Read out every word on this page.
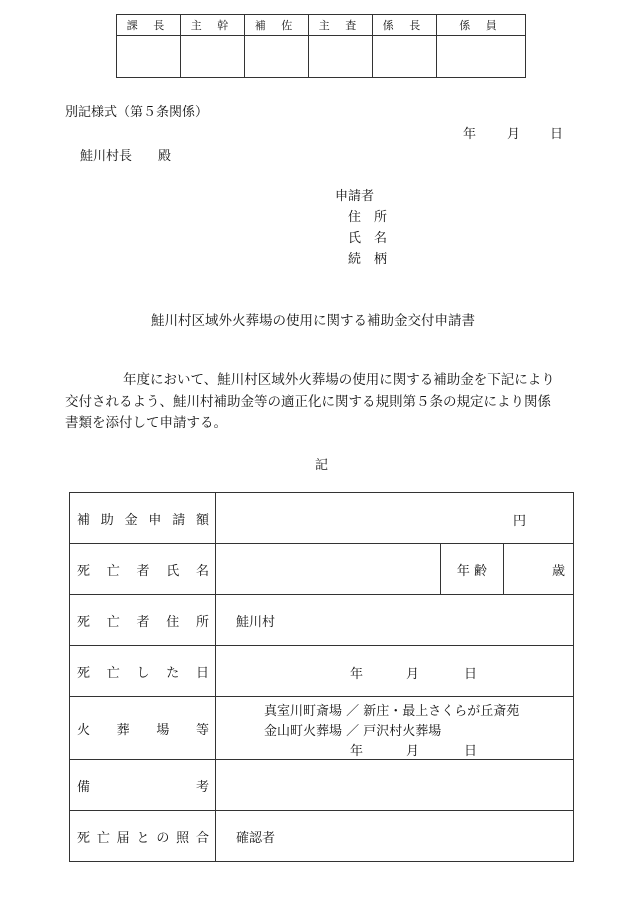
課 長	主 幹	補 佐	主 査	係 長	係 員

別記様式（第５条関係）
年 月 日
鮭川村長　　殿
申請者
住　所
氏　名
続　柄
鮭川村区域外火葬場の使用に関する補助金交付申請書
年度において、鮭川村区域外火葬場の使用に関する補助金を下記により
交付されるよう、鮭川村補助金等の適正化に関する規則第５条の規定により関係
書類を添付して申請する。
記
補助金申請額	円		

死亡者氏名		年 齢	歳
死亡者住所	鮭川村		
死亡した日	年 月 日		

火葬場等	真室川町斎場 ／ 新庄・最上さくらが丘斎苑
金山町火葬場 ／ 戸沢村火葬場
年 月 日		

備考			
死亡届との照合	確認者		
